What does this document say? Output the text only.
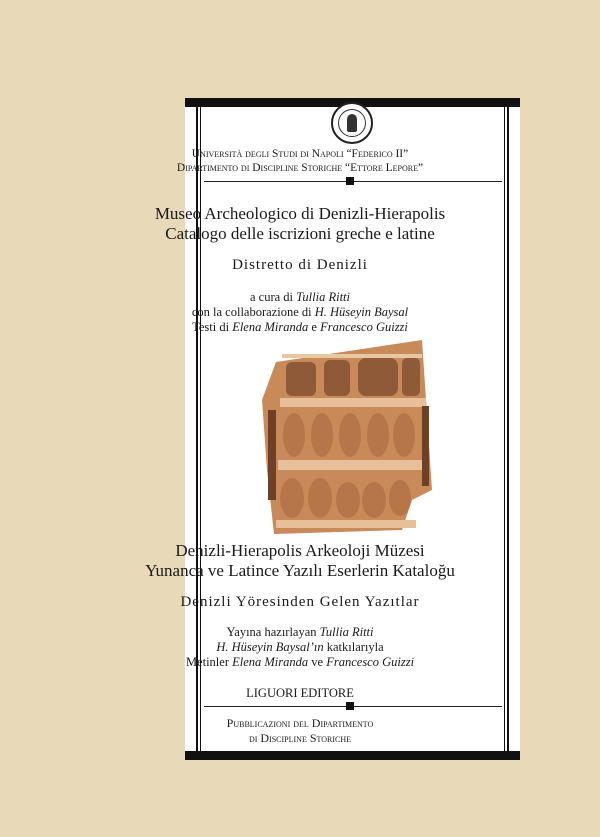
Università degli Studi di Napoli “Federico II”
Dipartimento di Discipline Storiche “Ettore Lepore”
Museo Archeologico di Denizli-Hierapolis
Catalogo delle iscrizioni greche e latine
Distretto di Denizli
a cura di Tullia Ritti
con la collaborazione di H. Hüseyin Baysal
Testi di Elena Miranda e Francesco Guizzi
Denizli-Hierapolis Arkeoloji Müzesi
Yunanca ve Latince Yazılı Eserlerin Kataloğu
Denizli Yöresinden Gelen Yazıtlar
Yayına hazırlayan Tullia Ritti
H. Hüseyin Baysal’ın katkılarıyla
Metinler Elena Miranda ve Francesco Guizzi
LIGUORI EDITORE
Pubblicazioni del Dipartimento
di Discipline Storiche
